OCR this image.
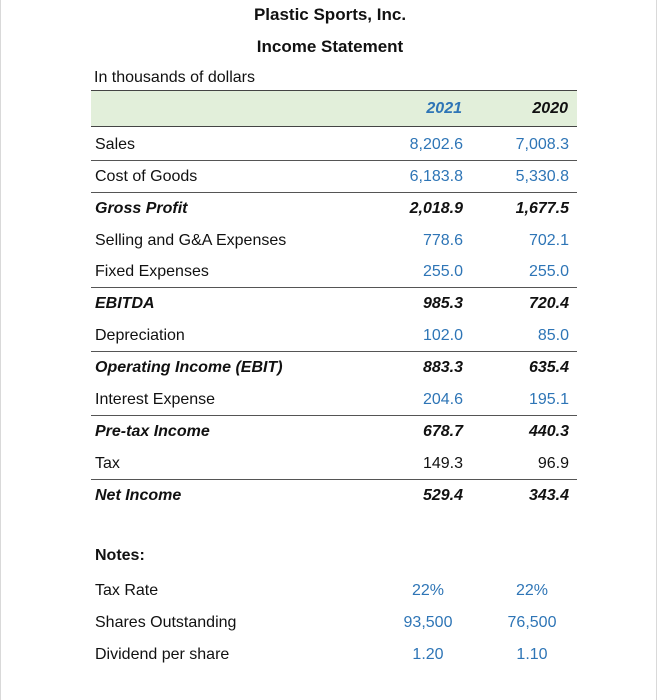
Plastic Sports, Inc.
Income Statement
In thousands of dollars
2021	2020
Sales	8,202.6	7,008.3
Cost of Goods	6,183.8	5,330.8
Gross Profit	2,018.9	1,677.5
Selling and G&A Expenses	778.6	702.1
Fixed Expenses	255.0	255.0
EBITDA	985.3	720.4
Depreciation	102.0	85.0
Operating Income (EBIT)	883.3	635.4
Interest Expense	204.6	195.1
Pre-tax Income	678.7	440.3
Tax	149.3	96.9
Net Income	529.4	343.4
Notes:
Tax Rate	22%	22%
Shares Outstanding	93,500	76,500
Dividend per share	1.20	1.10
